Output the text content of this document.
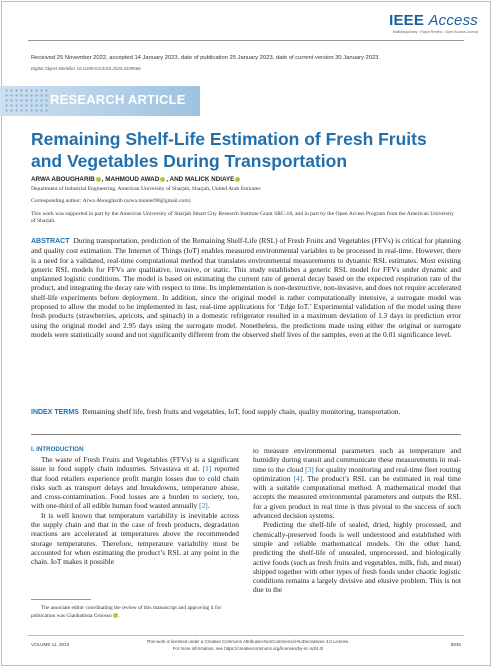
IEEE Access
Multidisciplinary : Rapid Review : Open Access Journal
Received 25 November 2022, accepted 14 January 2023, date of publication 25 January 2023, date of current version 30 January 2023.
Digital Object Identifier 10.1109/ACCESS.2023.3239566
RESEARCH ARTICLE
Remaining Shelf-Life Estimation of Fresh Fruits
and Vegetables During Transportation
ARWA ABOUGHARIB , MAHMOUD AWAD , AND MALICK NDIAYE
Department of Industrial Engineering, American University of Sharjah, Sharjah, United Arab Emirates
Corresponding author: Arwa Abougharib (arwa.monier98@gmail.com)
This work was supported in part by the American University of Sharjah Smart City Research Institute Grant SRC-18, and in part by the Open Access Program from the American University of Sharjah.
ABSTRACT During transportation, prediction of the Remaining Shelf-Life (RSL) of Fresh Fruits and Vegetables (FFVs) is critical for planning and quality cost estimation. The Internet of Things (IoT) enables measured environmental variables to be processed in real-time. However, there is a need for a validated, real-time computational method that translates environmental measurements to dynamic RSL estimates. Most existing generic RSL models for FFVs are qualitative, invasive, or static. This study establishes a generic RSL model for FFVs under dynamic and unplanned logistic conditions. The model is based on estimating the current rate of general decay based on the expected respiration rate of the product, and integrating the decay rate with respect to time. Its implementation is non-destructive, non-invasive, and does not require accelerated shelf-life experiments before deployment. In addition, since the original model is rather computationally intensive, a surrogate model was proposed to allow the model to be implemented in fast, real-time applications for ‘Edge IoT.’ Experimental validation of the model using three fresh products (strawberries, apricots, and spinach) in a domestic refrigerator resulted in a maximum deviation of 1.3 days in prediction error using the original model and 2.95 days using the surrogate model. Nonetheless, the predictions made using either the original or surrogate models were statistically sound and not significantly different from the observed shelf lives of the samples, even at the 0.01 significance level.
INDEX TERMS Remaining shelf life, fresh fruits and vegetables, IoT, food supply chain, quality monitoring, transportation.
I. INTRODUCTION
The waste of Fresh Fruits and Vegetables (FFVs) is a significant issue in food supply chain industries. Srivastava et al. [1] reported that food retailers experience profit margin losses due to cold chain risks such as transport delays and breakdowns, temperature abuse, and cross-contamination. Food losses are a burden to society, too, with one-third of all edible human food wasted annually [2].
It is well known that temperature variability is inevitable across the supply chain and that in the case of fresh products, degradation reactions are accelerated at temperatures above the recommended storage temperatures. Therefore, temperature variability must be accounted for when estimating the product’s RSL at any point in the chain. IoT makes it possible
to measure environmental parameters such as temperature and humidity during transit and communicate these measurements in real-time to the cloud [3] for quality monitoring and real-time fleet routing optimization [4]. The product’s RSL can be estimated in real time with a suitable computational method. A mathematical model that accepts the measured environmental parameters and outputs the RSL for a given product in real time is thus pivotal to the success of such advanced decision systems.
Predicting the shelf-life of sealed, dried, highly processed, and chemically-preserved foods is well understood and established with simple and reliable mathematical models. On the other hand, predicting the shelf-life of unsealed, unprocessed, and biologically active foods (such as fresh fruits and vegetables, milk, fish, and meat) shipped together with other types of fresh foods under chaotic logistic conditions remains a largely divisive and elusive problem. This is not due to the
The associate editor coordinating the review of this manuscript and approving it for publication was Gianbattista Gruosso .
VOLUME 11, 2023
This work is licensed under a Creative Commons Attribution-NonCommercial-NoDerivatives 4.0 License.
For more information, see https://creativecommons.org/licenses/by-nc-nd/4.0/
8845
